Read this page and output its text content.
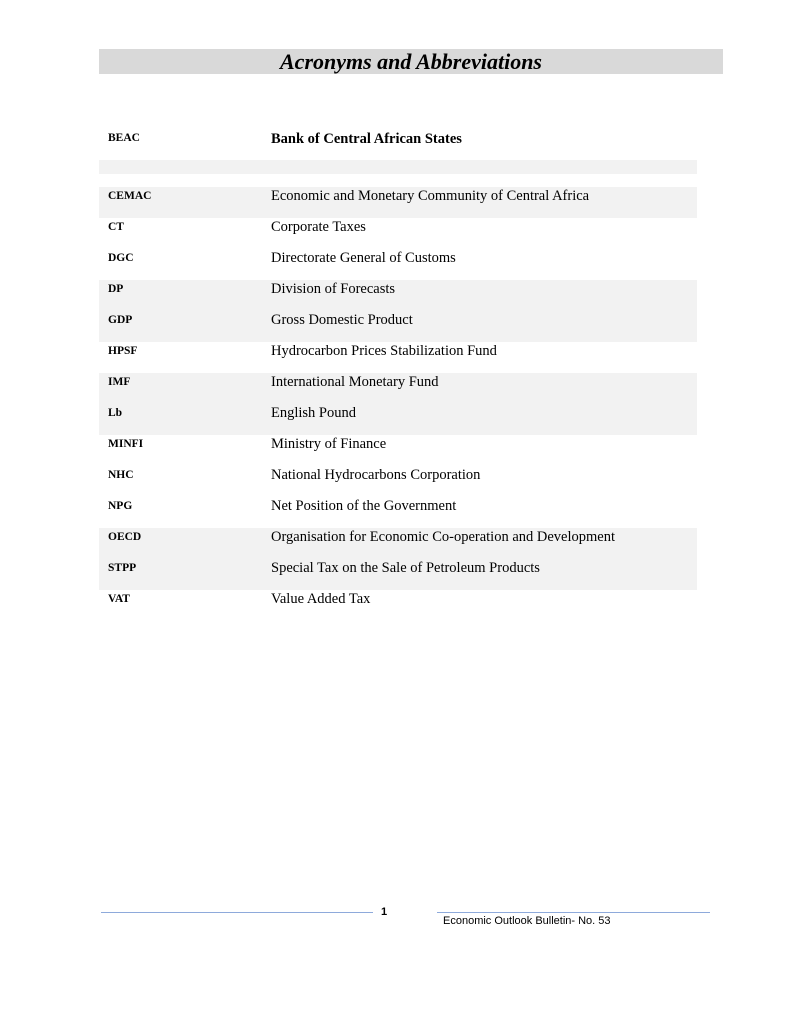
Acronyms and Abbreviations
BEAC	Bank of Central African States
CEMAC	Economic and Monetary Community of Central Africa
CT	Corporate Taxes
DGC	Directorate General of Customs
DP	Division of Forecasts
GDP	Gross Domestic Product
HPSF	Hydrocarbon Prices Stabilization Fund
IMF	International Monetary Fund
Lb	English Pound
MINFI	Ministry of Finance
NHC	National Hydrocarbons Corporation
NPG	Net Position of the Government
OECD	Organisation for Economic Co-operation and Development
STPP	Special Tax on the Sale of Petroleum Products
VAT	Value Added Tax
1
Economic Outlook Bulletin- No. 53
